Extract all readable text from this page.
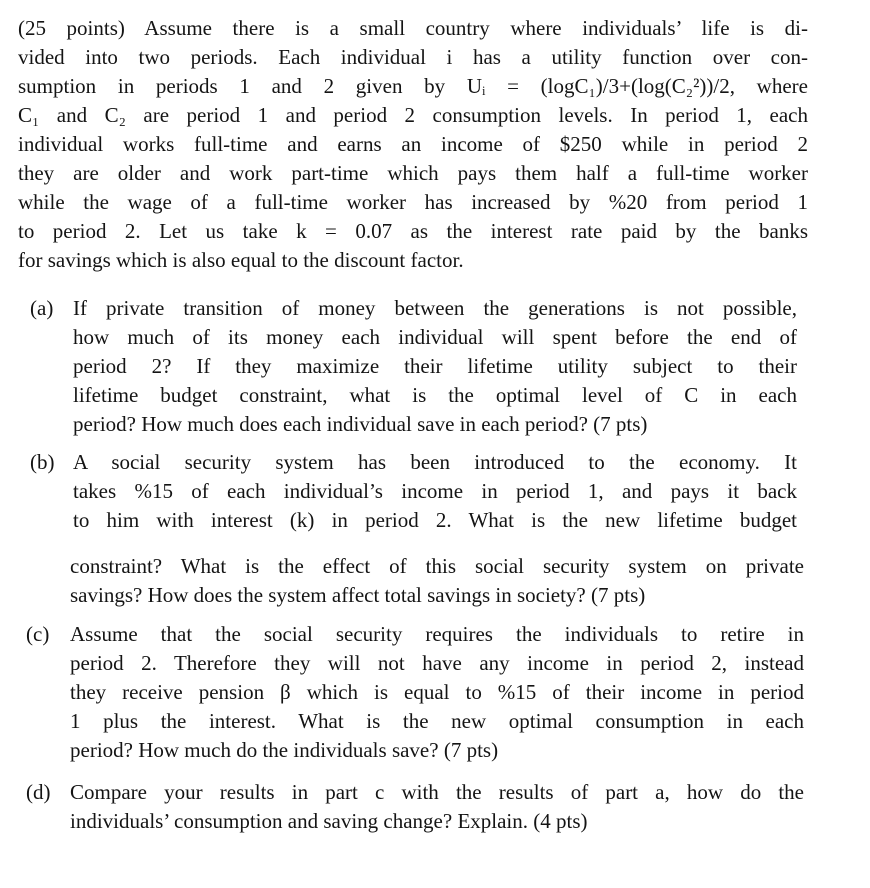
(25 points) Assume there is a small country where individuals’ life is di-

vided into two periods. Each individual i has a utility function over con-

sumption in periods 1 and 2 given by Uᵢ = (logC₁)/3+(log(C₂²))/2, where

C₁ and C₂ are period 1 and period 2 consumption levels. In period 1, each

individual works full-time and earns an income of $250 while in period 2

they are older and work part-time which pays them half a full-time worker

while the wage of a full-time worker has increased by %20 from period 1

to period 2. Let us take k = 0.07 as the interest rate paid by the banks

for savings which is also equal to the discount factor.

(a) If private transition of money between the generations is not possible,

how much of its money each individual will spent before the end of

period 2? If they maximize their lifetime utility subject to their

lifetime budget constraint, what is the optimal level of C in each

period? How much does each individual save in each period? (7 pts)

(b) A social security system has been introduced to the economy. It

takes %15 of each individual’s income in period 1, and pays it back

to him with interest (k) in period 2. What is the new lifetime budget

constraint? What is the effect of this social security system on private

savings? How does the system affect total savings in society? (7 pts)

(c) Assume that the social security requires the individuals to retire in

period 2. Therefore they will not have any income in period 2, instead

they receive pension β which is equal to %15 of their income in period

1 plus the interest. What is the new optimal consumption in each

period? How much do the individuals save? (7 pts)

(d) Compare your results in part c with the results of part a, how do the

individuals’ consumption and saving change? Explain. (4 pts)
